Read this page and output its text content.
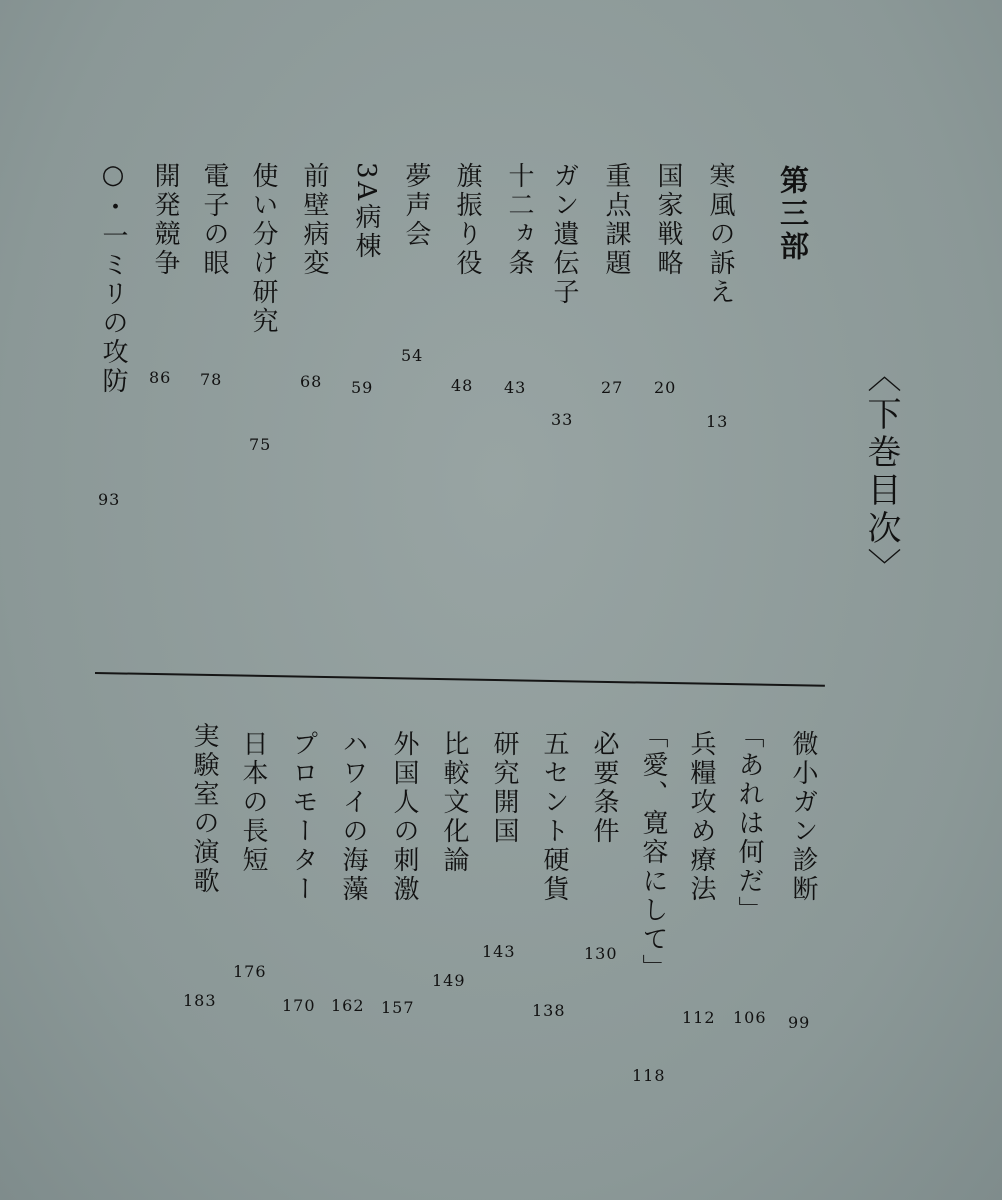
〈下巻目次〉
第三部
寒風の訴え
13
国家戦略
20
重点課題
27
ガン遺伝子
33
十二ヵ条
43
旗振り役
48
夢声会
54
3A病棟
59
前壁病変
68
使い分け研究
75
電子の眼
78
開発競争
86
○・一ミリの攻防
93
微小ガン診断
99
「あれは何だ」
106
兵糧攻め療法
112
「愛、寛容にして」
118
必要条件
130
五セント硬貨
138
研究開国
143
比較文化論
149
外国人の刺激
157
ハワイの海藻
162
プロモーター
170
日本の長短
176
実験室の演歌
183
